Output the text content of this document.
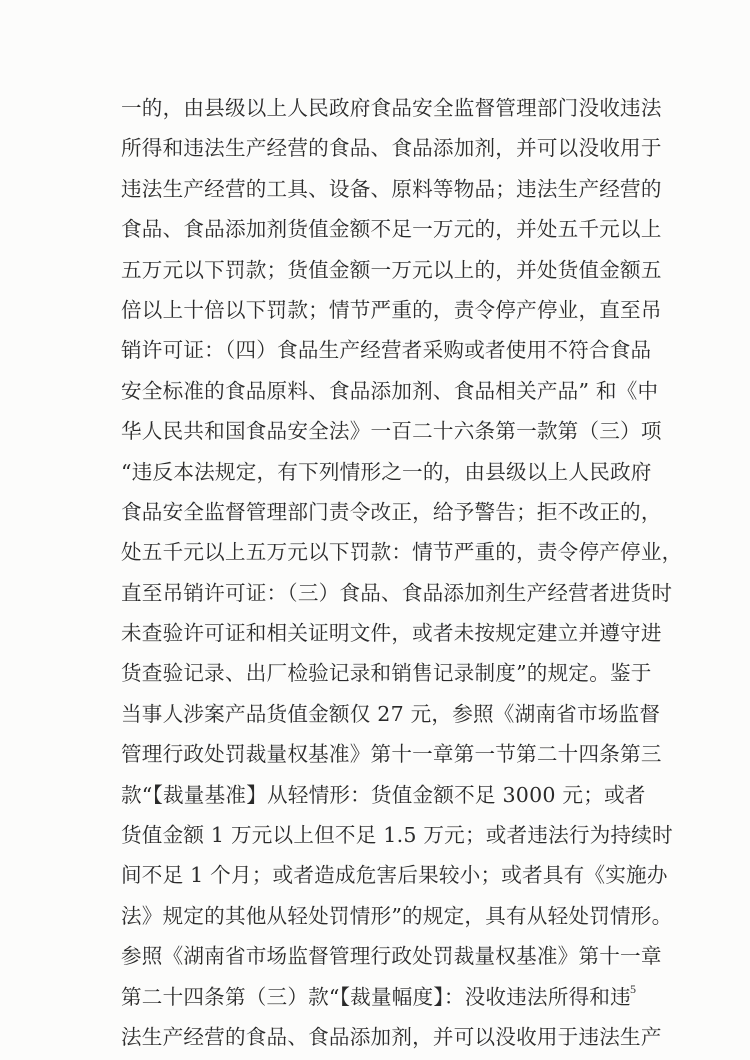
一的，由县级以上人民政府食品安全监督管理部门没收违法
所得和违法生产经营的食品、食品添加剂，并可以没收用于
违法生产经营的工具、设备、原料等物品；违法生产经营的
食品、食品添加剂货值金额不足一万元的，并处五千元以上
五万元以下罚款；货值金额一万元以上的，并处货值金额五
倍以上十倍以下罚款；情节严重的，责令停产停业，直至吊
销许可证：（四）食品生产经营者采购或者使用不符合食品
安全标准的食品原料、食品添加剂、食品相关产品” 和《中
华人民共和国食品安全法》一百二十六条第一款第（三）项
“违反本法规定，有下列情形之一的，由县级以上人民政府
食品安全监督管理部门责令改正，给予警告；拒不改正的，
处五千元以上五万元以下罚款：情节严重的，责令停产停业，
直至吊销许可证：（三）食品、食品添加剂生产经营者进货时
未查验许可证和相关证明文件，或者未按规定建立并遵守进
货查验记录、出厂检验记录和销售记录制度”的规定。鉴于
当事人涉案产品货值金额仅 27 元，参照《湖南省市场监督
管理行政处罚裁量权基准》第十一章第一节第二十四条第三
款“【裁量基准】从轻情形：货值金额不足 3000 元；或者
货值金额 1 万元以上但不足 1.5 万元；或者违法行为持续时
间不足 1 个月；或者造成危害后果较小；或者具有《实施办
法》规定的其他从轻处罚情形”的规定，具有从轻处罚情形。
参照《湖南省市场监督管理行政处罚裁量权基准》第十一章
第二十四条第（三）款“【裁量幅度】：没收违法所得和违
法生产经营的食品、食品添加剂，并可以没收用于违法生产
5
